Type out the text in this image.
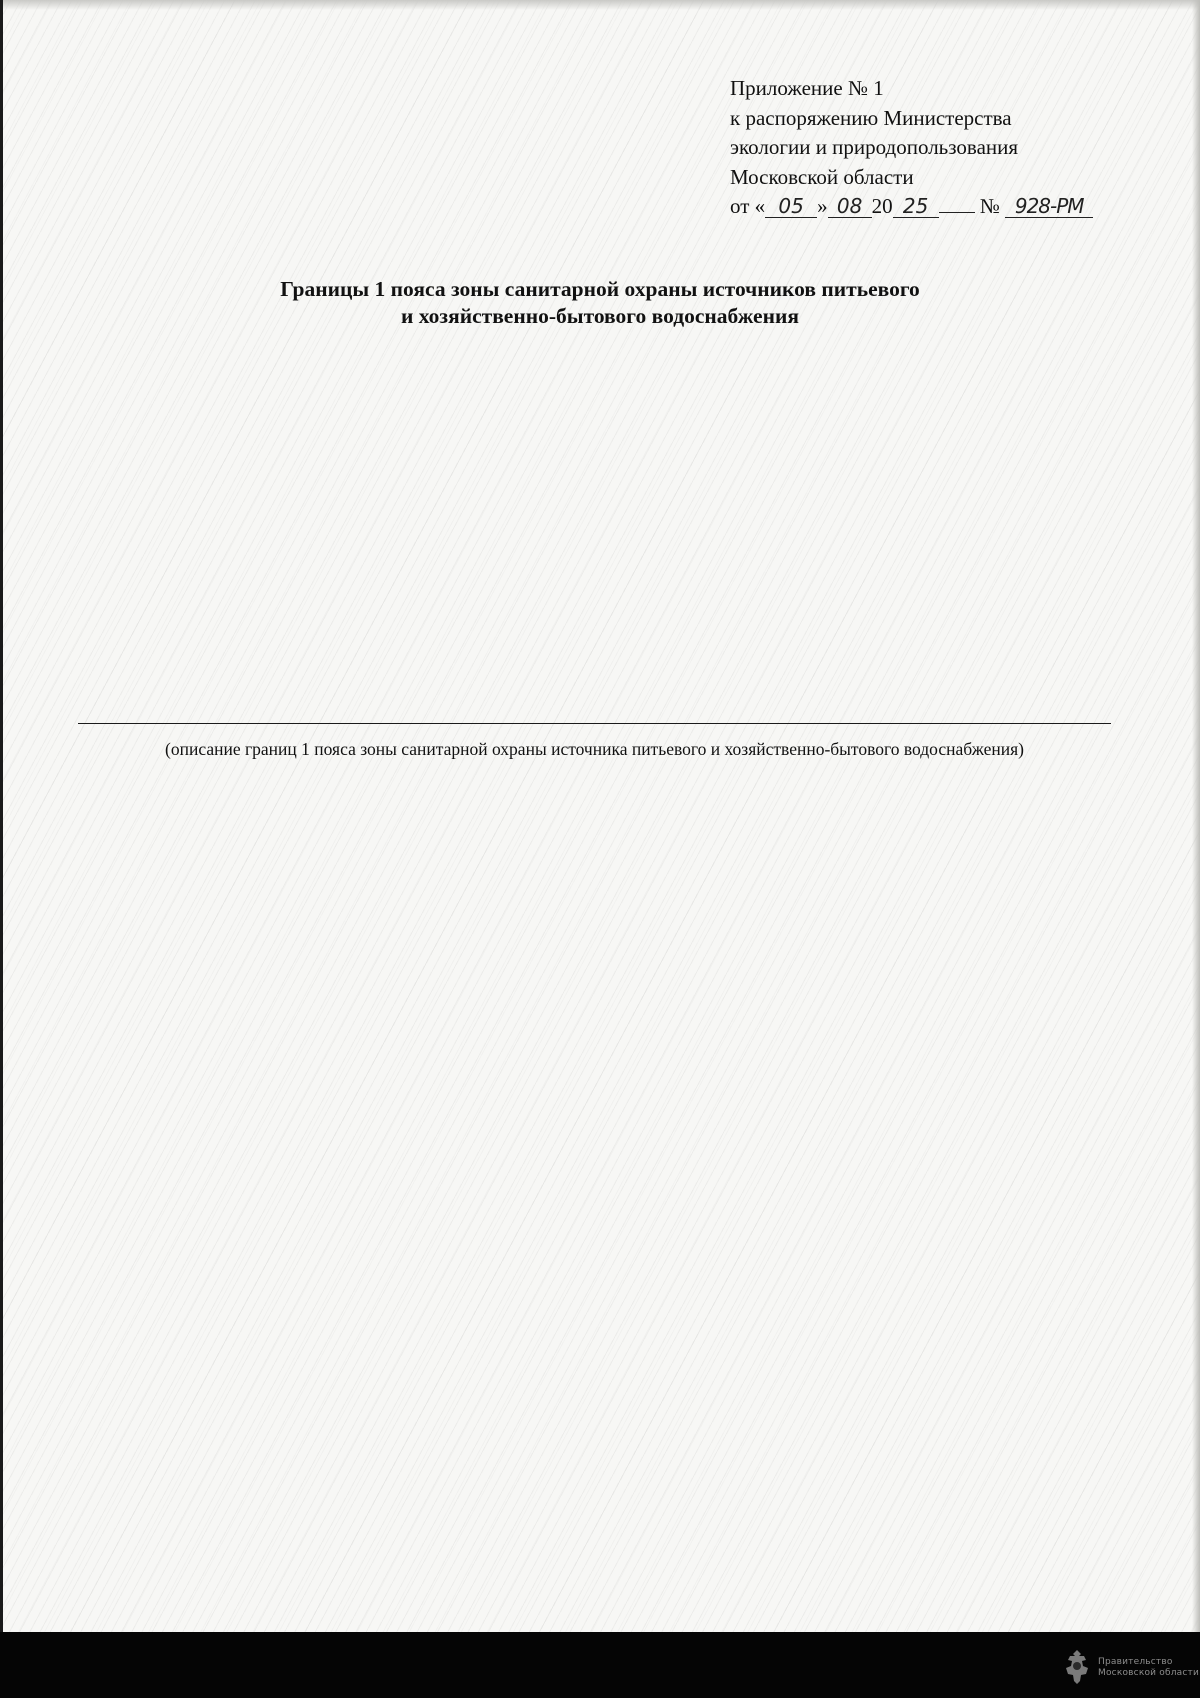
Приложение № 1
к распоряжению Министерства
экологии и природопользования
Московской области
от « 05 » 08 20 25 № 928-РМ
Границы 1 пояса зоны санитарной охраны источников питьевого
и хозяйственно-бытового водоснабжения
(описание границ 1 пояса зоны санитарной охраны источника питьевого и хозяйственно-бытового водоснабжения)
Правительство
Московской области
